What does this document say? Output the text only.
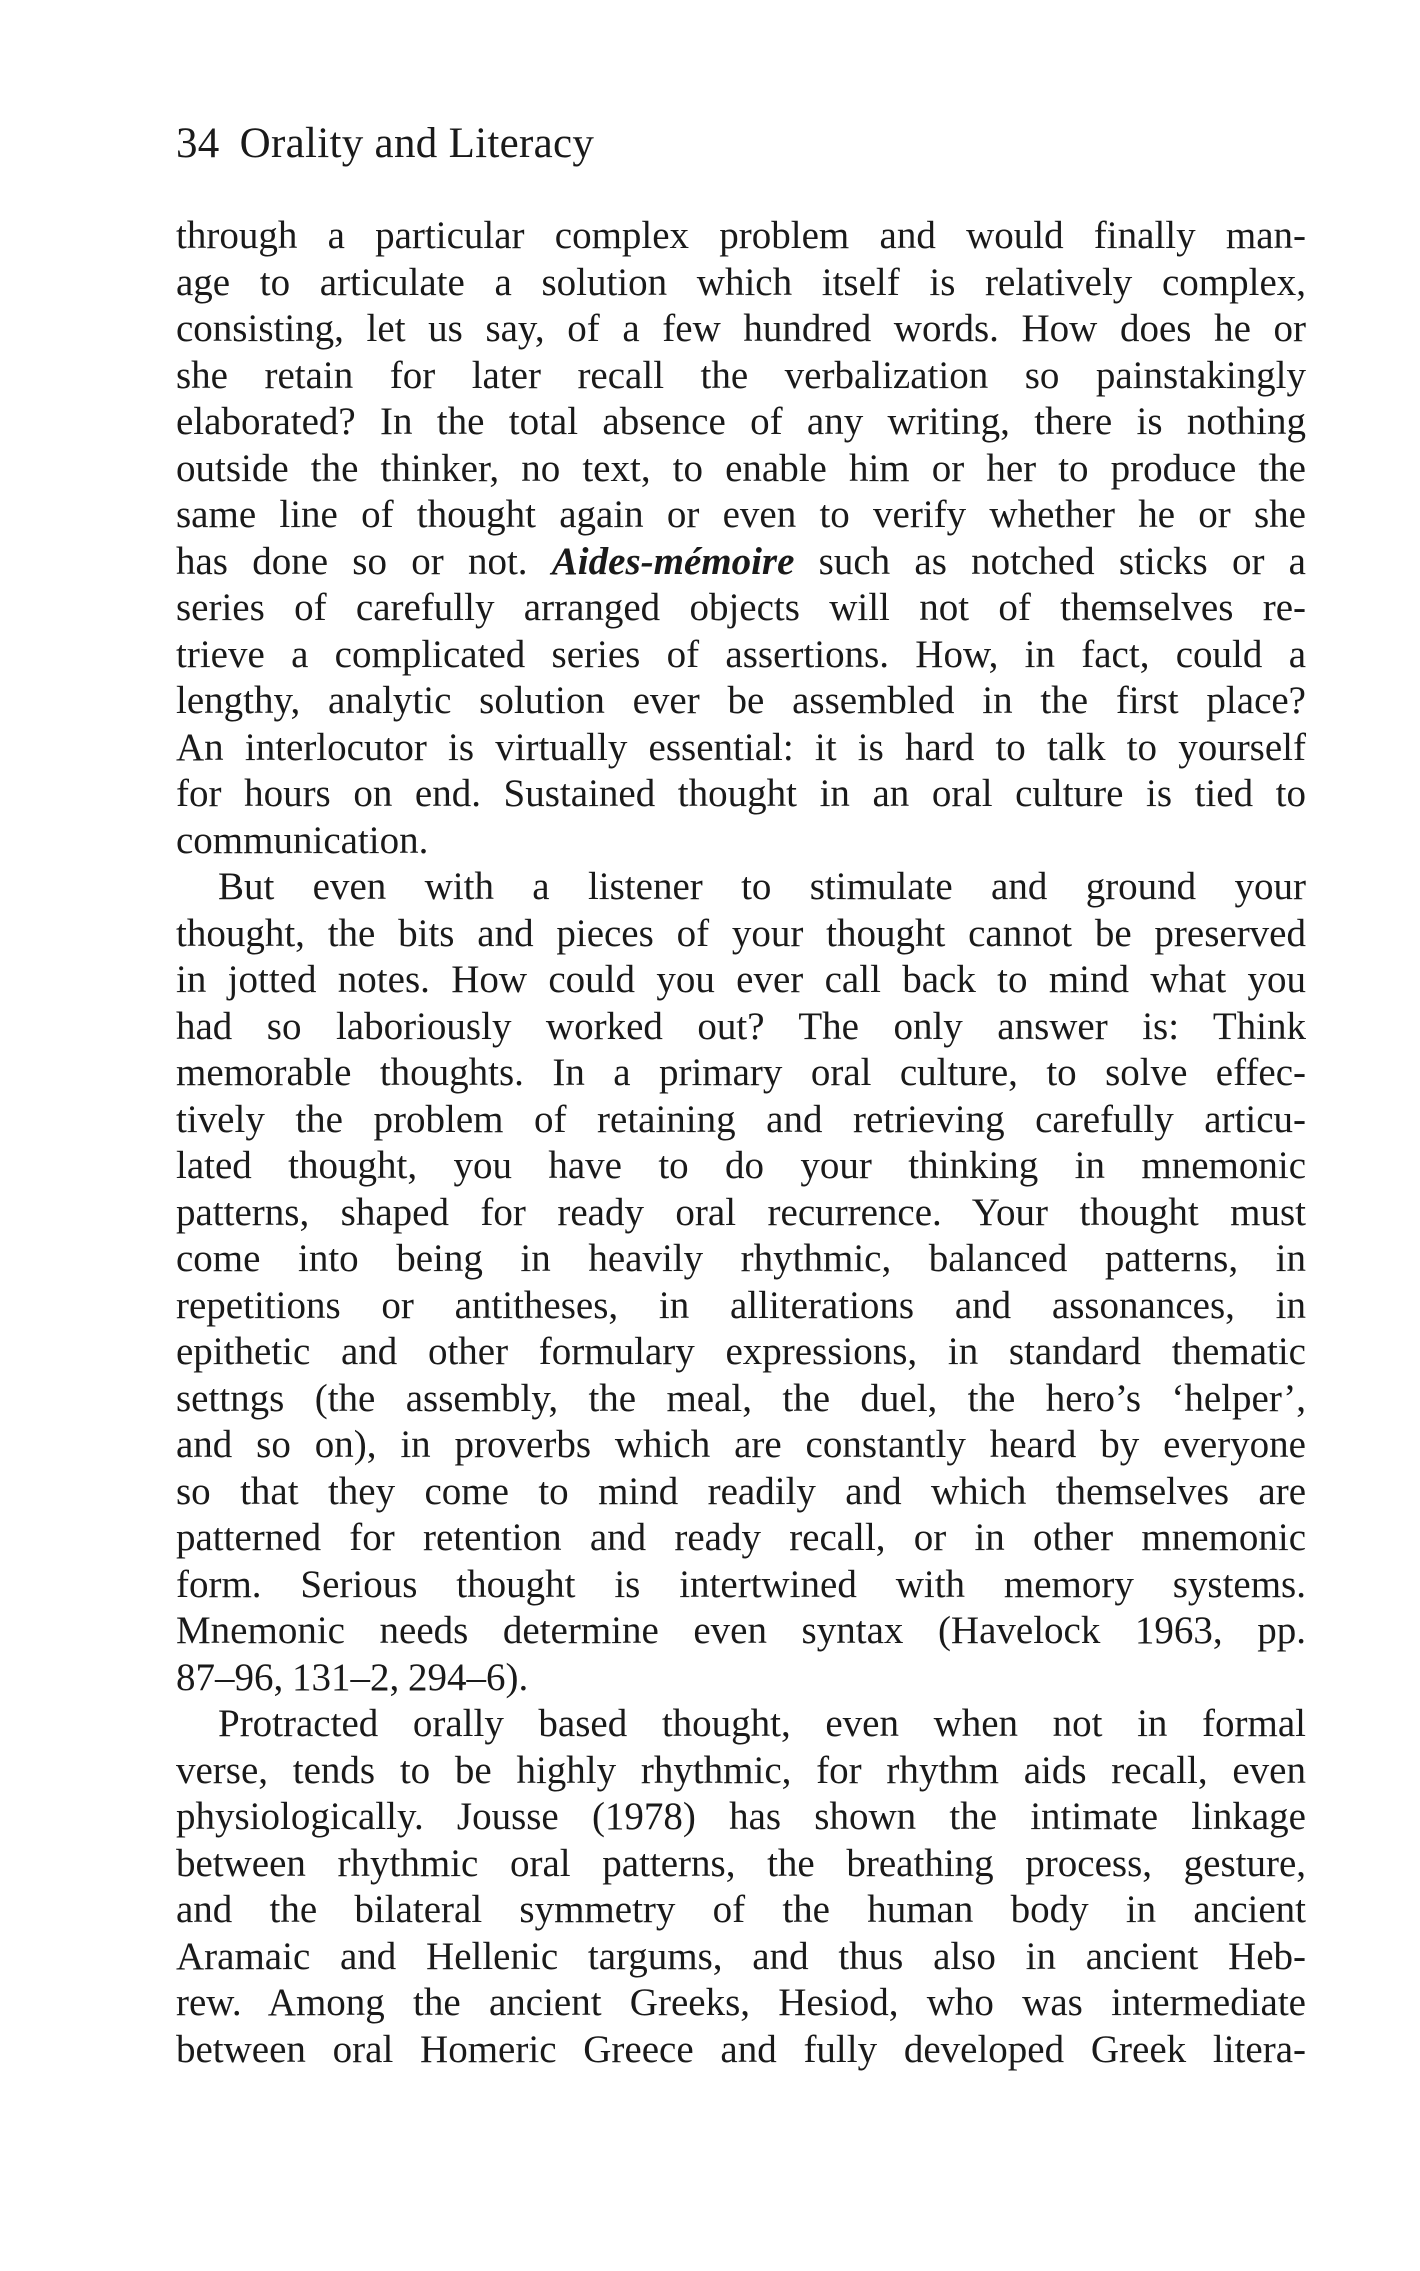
34 Orality and Literacy
through a particular complex problem and would finally man-
age to articulate a solution which itself is relatively complex,
consisting, let us say, of a few hundred words. How does he or
she retain for later recall the verbalization so painstakingly
elaborated? In the total absence of any writing, there is nothing
outside the thinker, no text, to enable him or her to produce the
same line of thought again or even to verify whether he or she
has done so or not. Aides-mémoire such as notched sticks or a
series of carefully arranged objects will not of themselves re-
trieve a complicated series of assertions. How, in fact, could a
lengthy, analytic solution ever be assembled in the first place?
An interlocutor is virtually essential: it is hard to talk to yourself
for hours on end. Sustained thought in an oral culture is tied to
communication.
But even with a listener to stimulate and ground your
thought, the bits and pieces of your thought cannot be preserved
in jotted notes. How could you ever call back to mind what you
had so laboriously worked out? The only answer is: Think
memorable thoughts. In a primary oral culture, to solve effec-
tively the problem of retaining and retrieving carefully articu-
lated thought, you have to do your thinking in mnemonic
patterns, shaped for ready oral recurrence. Your thought must
come into being in heavily rhythmic, balanced patterns, in
repetitions or antitheses, in alliterations and assonances, in
epithetic and other formulary expressions, in standard thematic
settngs (the assembly, the meal, the duel, the hero’s ‘helper’,
and so on), in proverbs which are constantly heard by everyone
so that they come to mind readily and which themselves are
patterned for retention and ready recall, or in other mnemonic
form. Serious thought is intertwined with memory systems.
Mnemonic needs determine even syntax (Havelock 1963, pp.
87–96, 131–2, 294–6).
Protracted orally based thought, even when not in formal
verse, tends to be highly rhythmic, for rhythm aids recall, even
physiologically. Jousse (1978) has shown the intimate linkage
between rhythmic oral patterns, the breathing process, gesture,
and the bilateral symmetry of the human body in ancient
Aramaic and Hellenic targums, and thus also in ancient Heb-
rew. Among the ancient Greeks, Hesiod, who was intermediate
between oral Homeric Greece and fully developed Greek litera-
